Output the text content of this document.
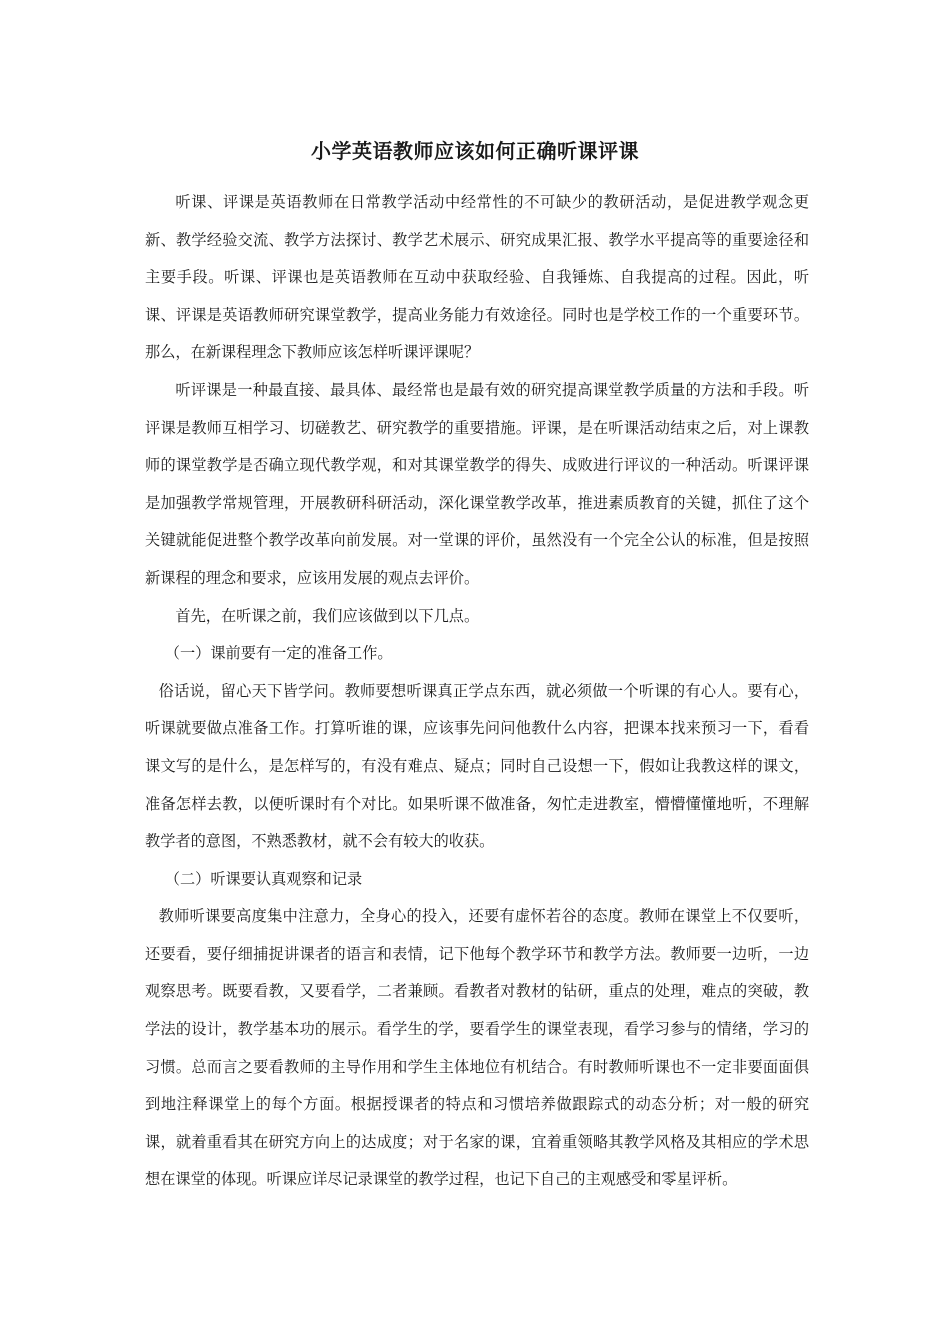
小学英语教师应该如何正确听课评课

听课、评课是英语教师在日常教学活动中经常性的不可缺少的教研活动，是促进教学观念更新、教学经验交流、教学方法探讨、教学艺术展示、研究成果汇报、教学水平提高等的重要途径和主要手段。听课、评课也是英语教师在互动中获取经验、自我锤炼、自我提高的过程。因此，听课、评课是英语教师研究课堂教学，提高业务能力有效途径。同时也是学校工作的一个重要环节。那么，在新课程理念下教师应该怎样听课评课呢？

听评课是一种最直接、最具体、最经常也是最有效的研究提高课堂教学质量的方法和手段。听评课是教师互相学习、切磋教艺、研究教学的重要措施。评课，是在听课活动结束之后，对上课教师的课堂教学是否确立现代教学观，和对其课堂教学的得失、成败进行评议的一种活动。听课评课是加强教学常规管理，开展教研科研活动，深化课堂教学改革，推进素质教育的关键，抓住了这个关键就能促进整个教学改革向前发展。对一堂课的评价，虽然没有一个完全公认的标准，但是按照新课程的理念和要求，应该用发展的观点去评价。

首先，在听课之前，我们应该做到以下几点。

（一）课前要有一定的准备工作。

俗话说，留心天下皆学问。教师要想听课真正学点东西，就必须做一个听课的有心人。要有心，听课就要做点准备工作。打算听谁的课，应该事先问问他教什么内容，把课本找来预习一下，看看课文写的是什么，是怎样写的，有没有难点、疑点；同时自己设想一下，假如让我教这样的课文，准备怎样去教，以便听课时有个对比。如果听课不做准备，匆忙走进教室，懵懵懂懂地听，不理解教学者的意图，不熟悉教材，就不会有较大的收获。

（二）听课要认真观察和记录

教师听课要高度集中注意力，全身心的投入，还要有虚怀若谷的态度。教师在课堂上不仅要听，还要看，要仔细捕捉讲课者的语言和表情，记下他每个教学环节和教学方法。教师要一边听，一边观察思考。既要看教，又要看学，二者兼顾。看教者对教材的钻研，重点的处理，难点的突破，教学法的设计，教学基本功的展示。看学生的学，要看学生的课堂表现，看学习参与的情绪，学习的习惯。总而言之要看教师的主导作用和学生主体地位有机结合。有时教师听课也不一定非要面面俱到地注释课堂上的每个方面。根据授课者的特点和习惯培养做跟踪式的动态分析；对一般的研究课，就着重看其在研究方向上的达成度；对于名家的课，宜着重领略其教学风格及其相应的学术思想在课堂的体现。听课应详尽记录课堂的教学过程，也记下自己的主观感受和零星评析。
